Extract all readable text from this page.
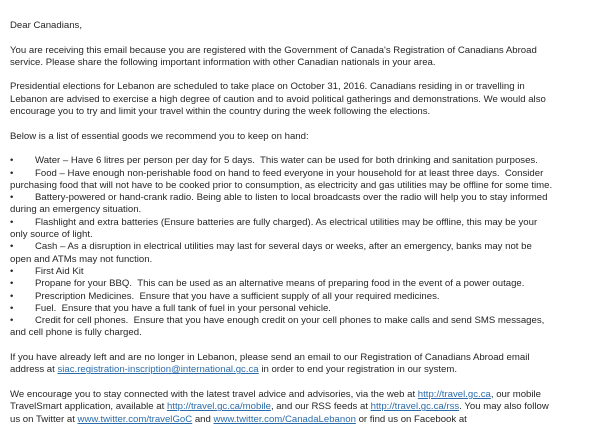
Dear Canadians,
You are receiving this email because you are registered with the Government of Canada's Registration of Canadians Abroad
service. Please share the following important information with other Canadian nationals in your area.
Presidential elections for Lebanon are scheduled to take place on October 31, 2016. Canadians residing in or travelling in
Lebanon are advised to exercise a high degree of caution and to avoid political gatherings and demonstrations. We would also
encourage you to try and limit your travel within the country during the week following the elections.
Below is a list of essential goods we recommend you to keep on hand:
• Water – Have 6 litres per person per day for 5 days.  This water can be used for both drinking and sanitation purposes.
• Food – Have enough non-perishable food on hand to feed everyone in your household for at least three days.  Consider
purchasing food that will not have to be cooked prior to consumption, as electricity and gas utilities may be offline for some time.
• Battery-powered or hand-crank radio. Being able to listen to local broadcasts over the radio will help you to stay informed
during an emergency situation.
• Flashlight and extra batteries (Ensure batteries are fully charged). As electrical utilities may be offline, this may be your
only source of light.
• Cash – As a disruption in electrical utilities may last for several days or weeks, after an emergency, banks may not be
open and ATMs may not function.
• First Aid Kit
• Propane for your BBQ.  This can be used as an alternative means of preparing food in the event of a power outage.
• Prescription Medicines.  Ensure that you have a sufficient supply of all your required medicines.
• Fuel.  Ensure that you have a full tank of fuel in your personal vehicle.
• Credit for cell phones.  Ensure that you have enough credit on your cell phones to make calls and send SMS messages,
and cell phone is fully charged.
If you have already left and are no longer in Lebanon, please send an email to our Registration of Canadians Abroad email
address at siac.registration-inscription@international.gc.ca in order to end your registration in our system.
We encourage you to stay connected with the latest travel advice and advisories, via the web at http://travel.gc.ca, our mobile
TravelSmart application, available at http://travel.gc.ca/mobile, and our RSS feeds at http://travel.gc.ca/rss. You may also follow
us on Twitter at www.twitter.com/travelGoC and www.twitter.com/CanadaLebanon or find us on Facebook at
